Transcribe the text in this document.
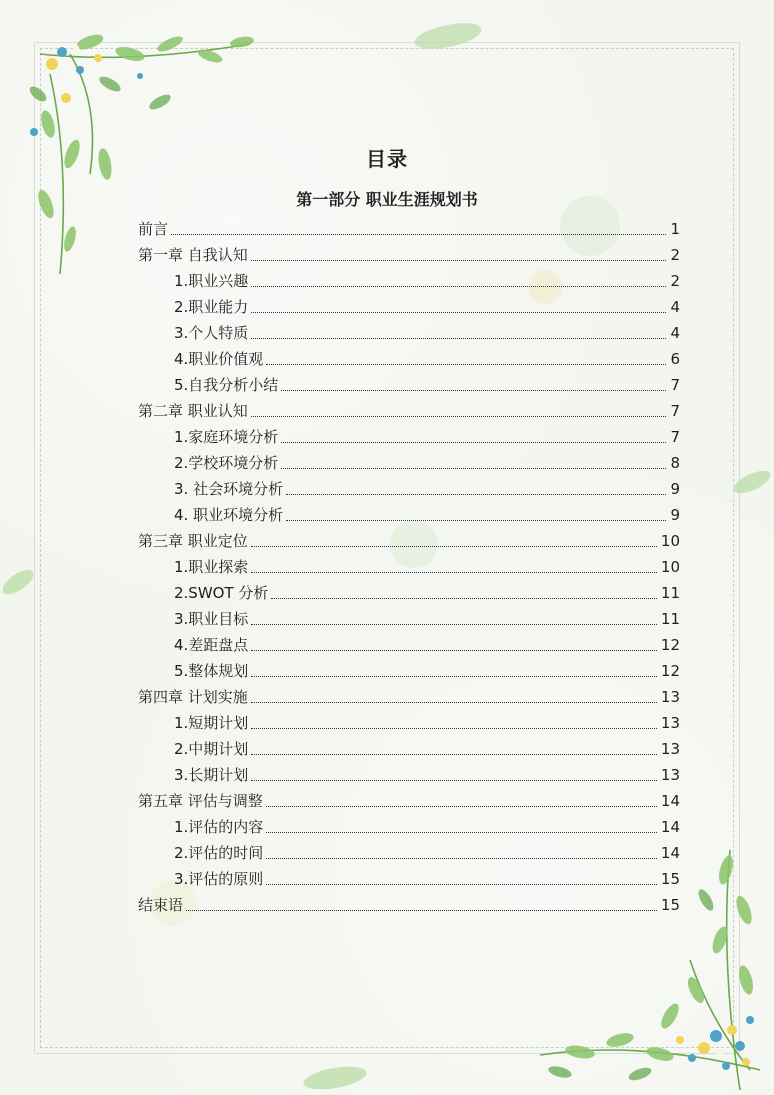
目录
第一部分 职业生涯规划书
前言	1
第一章 自我认知	2
1.职业兴趣	2
2.职业能力	4
3.个人特质	4
4.职业价值观	6
5.自我分析小结	7
第二章 职业认知	7
1.家庭环境分析	7
2.学校环境分析	8
3. 社会环境分析	9
4. 职业环境分析	9
第三章 职业定位	10
1.职业探索	10
2.SWOT 分析	11
3.职业目标	11
4.差距盘点	12
5.整体规划	12
第四章 计划实施	13
1.短期计划	13
2.中期计划	13
3.长期计划	13
第五章 评估与调整	14
1.评估的内容	14
2.评估的时间	14
3.评估的原则	15
结束语	15
